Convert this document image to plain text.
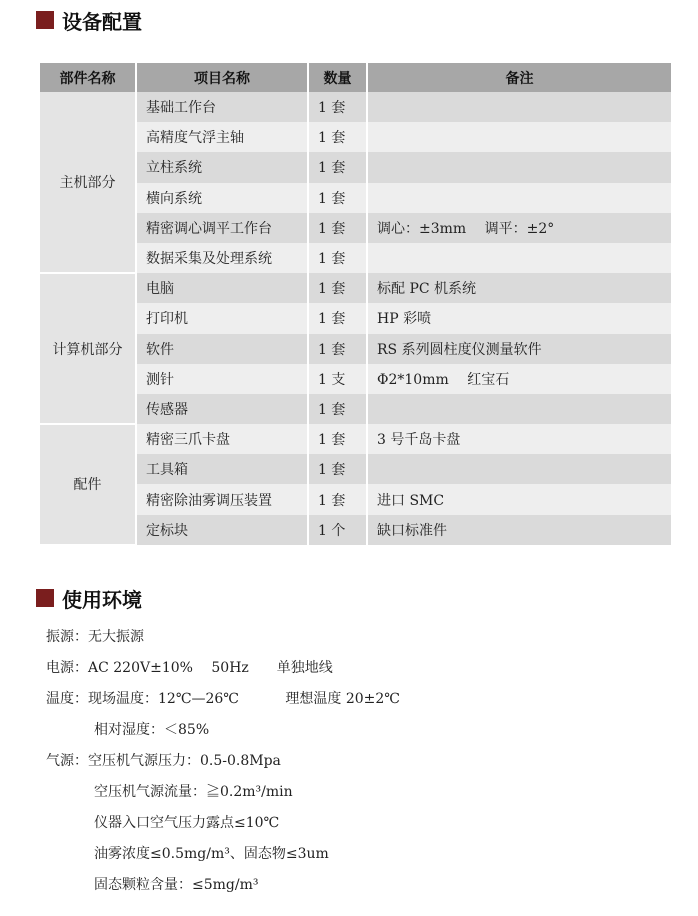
设备配置
部件名称	项目名称	数量	备注
主机部分	基础工作台	1 套	
	高精度气浮主轴	1 套	
	立柱系统	1 套	
	横向系统	1 套	
	精密调心调平工作台	1 套	调心：±3mm　 调平：±2°
	数据采集及处理系统	1 套	
计算机部分	电脑	1 套	标配 PC 机系统
	打印机	1 套	HP 彩喷
	软件	1 套	RS 系列圆柱度仪测量软件
	测针	1 支	Φ2*10mm　 红宝石
	传感器	1 套	
配件	精密三爪卡盘	1 套	3 号千岛卡盘
	工具箱	1 套	
	精密除油雾调压装置	1 套	进口 SMC
	定标块	1 个	缺口标准件
使用环境
振源：无大振源
电源：AC 220V±10%　 50Hz　　单独地线
温度：现场温度：12℃—26℃　　　 理想温度 20±2℃
相对湿度：＜85%
气源：空压机气源压力：0.5-0.8Mpa
空压机气源流量：≧0.2m³/min
仪器入口空气压力露点≤10℃
油雾浓度≤0.5mg/m³、固态物≤3um
固态颗粒含量：≤5mg/m³
